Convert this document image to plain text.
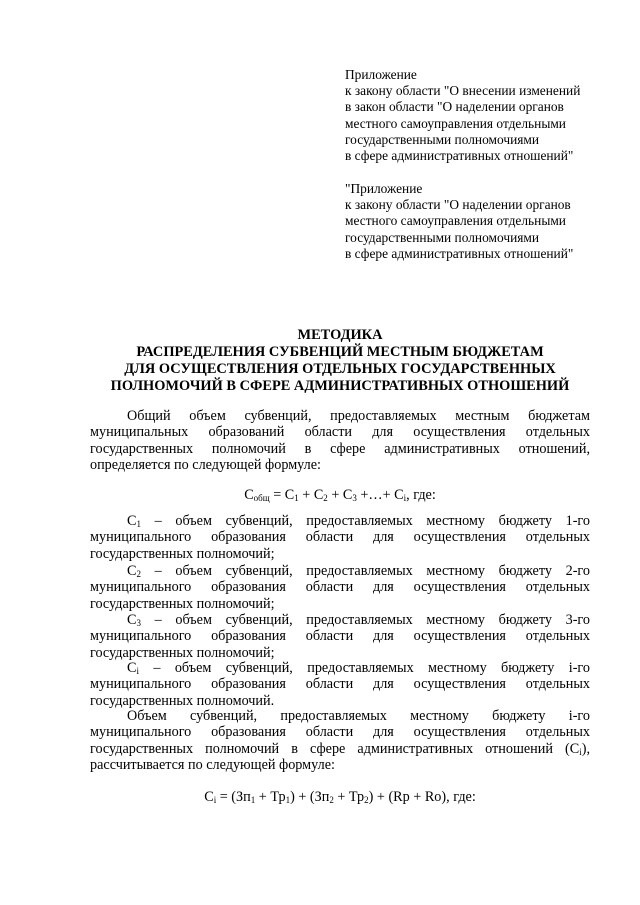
Приложение
к закону области "О внесении изменений
в закон области "О наделении органов
местного самоуправления отдельными
государственными полномочиями
в сфере административных отношений"
"Приложение
к закону области "О наделении органов
местного самоуправления отдельными
государственными полномочиями
в сфере административных отношений"
МЕТОДИКА
РАСПРЕДЕЛЕНИЯ СУБВЕНЦИЙ МЕСТНЫМ БЮДЖЕТАМ
ДЛЯ ОСУЩЕСТВЛЕНИЯ ОТДЕЛЬНЫХ ГОСУДАРСТВЕННЫХ
ПОЛНОМОЧИЙ В СФЕРЕ АДМИНИСТРАТИВНЫХ ОТНОШЕНИЙ
Общий объем субвенций, предоставляемых местным бюджетам
муниципальных образований области для осуществления отдельных
государственных полномочий в сфере административных отношений,
определяется по следующей формуле:
$C_{общ} = C_1 + C_2 + C_3$ +…+ $C_i$, где:
$C_1$ – объем субвенций, предоставляемых местному бюджету 1-го
муниципального образования области для осуществления отдельных
государственных полномочий;
$C_2$ – объем субвенций, предоставляемых местному бюджету 2-го
муниципального образования области для осуществления отдельных
государственных полномочий;
$C_3$ – объем субвенций, предоставляемых местному бюджету 3-го
муниципального образования области для осуществления отдельных
государственных полномочий;
$C_i$ – объем субвенций, предоставляемых местному бюджету i-го
муниципального образования области для осуществления отдельных
государственных полномочий.
Объем субвенций, предоставляемых местному бюджету i-го
муниципального образования области для осуществления отдельных
государственных полномочий в сфере административных отношений $(C_i)$,
рассчитывается по следующей формуле:
$C_i = (Зп_1 + Тр_1) + (Зп_2 + Тр_2) + (Rp + Ro)$, где:
